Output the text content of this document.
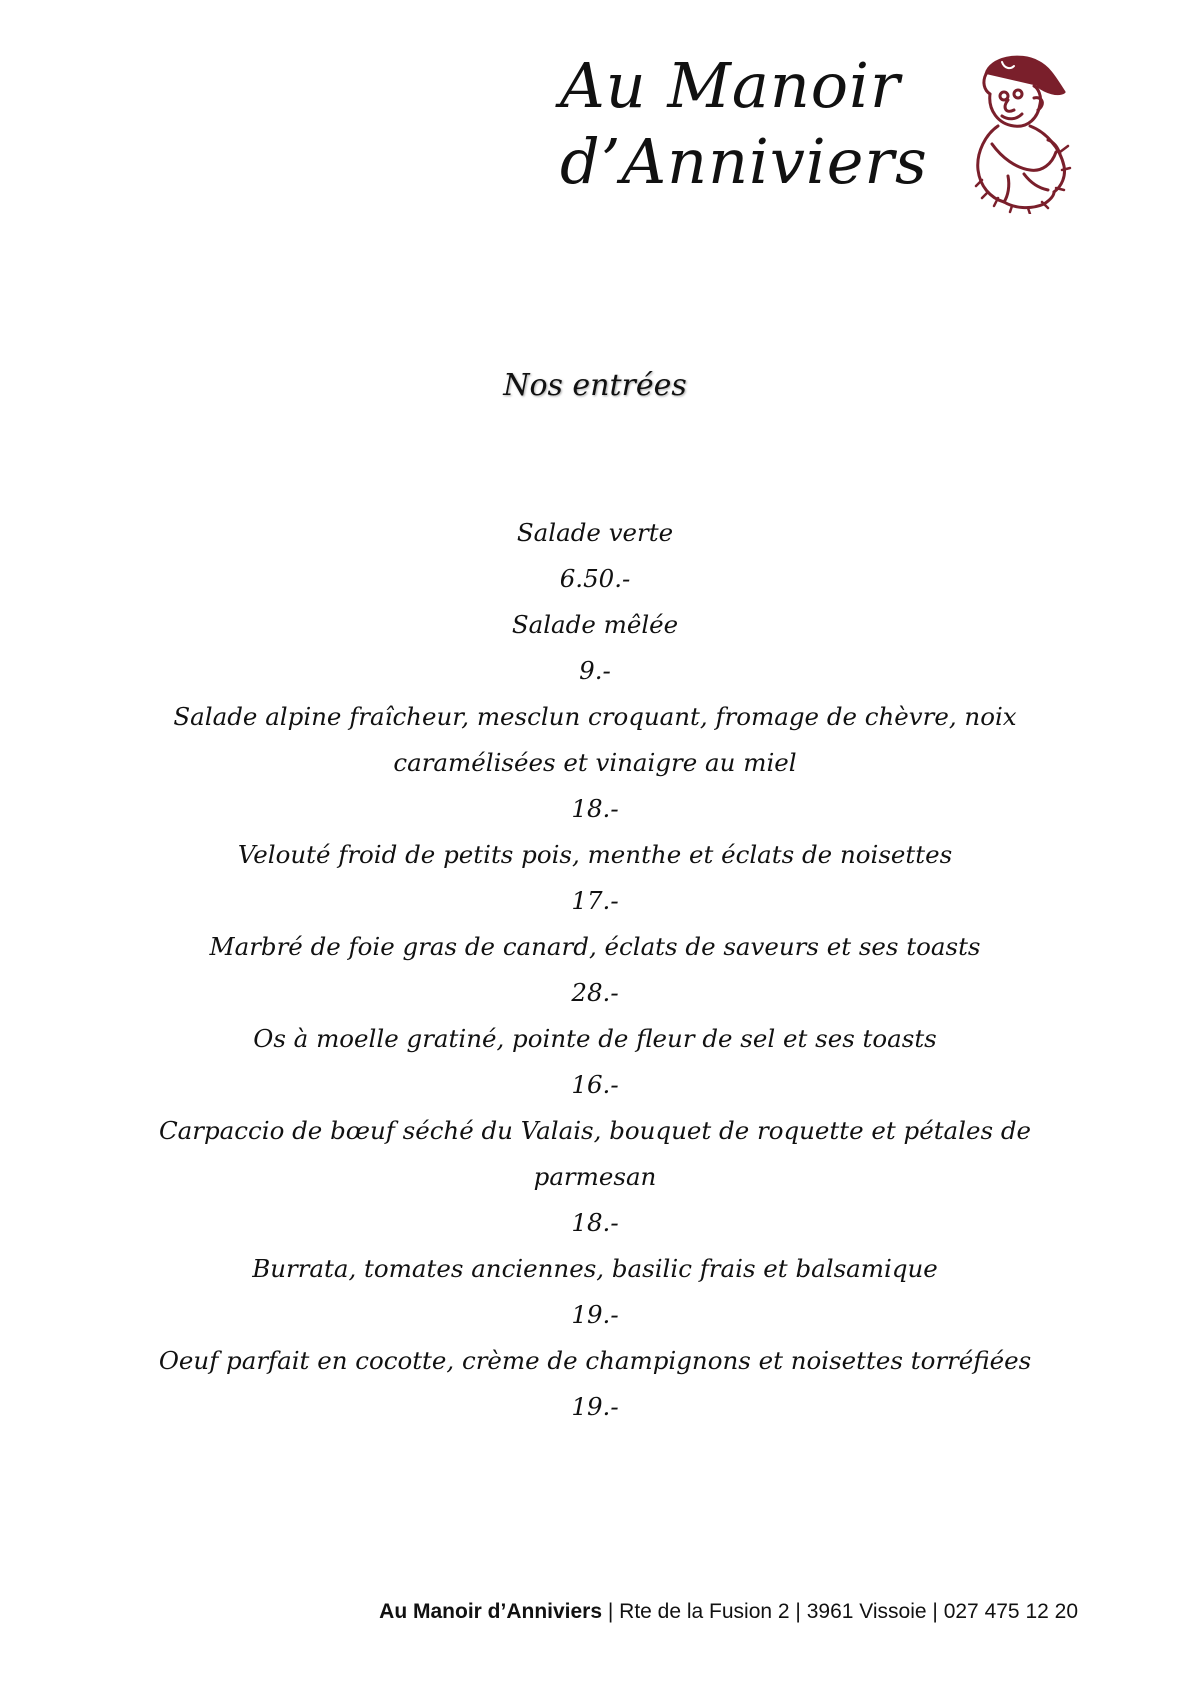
Au Manoir
d’Anniviers
Nos entrées
Salade verte
6.50.-
Salade mêlée
9.-
Salade alpine fraîcheur, mesclun croquant, fromage de chèvre, noix caramélisées et vinaigre au miel
18.-
Velouté froid de petits pois, menthe et éclats de noisettes
17.-
Marbré de foie gras de canard, éclats de saveurs et ses toasts
28.-
Os à moelle gratiné, pointe de fleur de sel et ses toasts
16.-
Carpaccio de bœuf séché du Valais, bouquet de roquette et pétales de parmesan
18.-
Burrata, tomates anciennes, basilic frais et balsamique
19.-
Oeuf parfait en cocotte, crème de champignons et noisettes torréfiées
19.-
Au Manoir d’Anniviers | Rte de la Fusion 2 | 3961 Vissoie | 027 475 12 20
